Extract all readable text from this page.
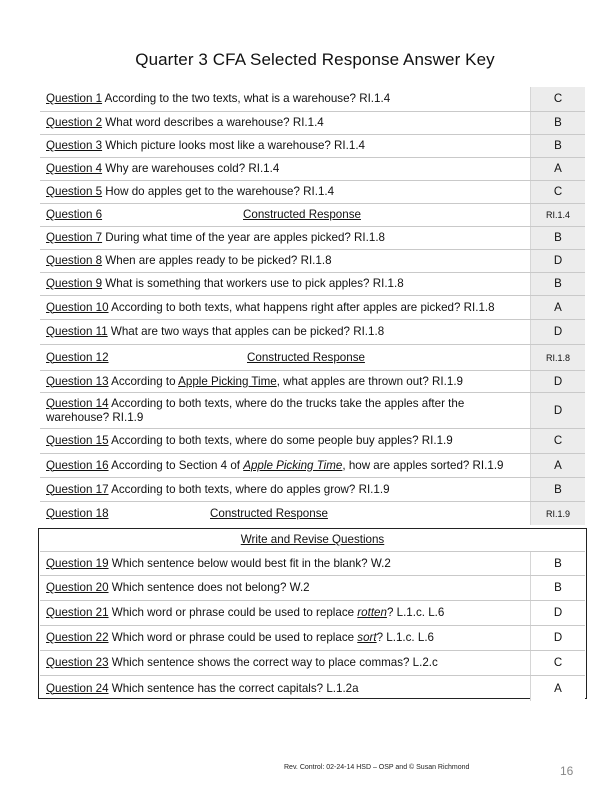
Quarter 3 CFA Selected Response Answer Key
Question 1 According to the two texts, what is a warehouse? RI.1.4	C
Question 2 What word describes a warehouse? RI.1.4	B
Question 3 Which picture looks most like a warehouse? RI.1.4	B
Question 4 Why are warehouses cold? RI.1.4	A
Question 5 How do apples get to the warehouse? RI.1.4	C
Question 6	Constructed Response	RI.1.4
Question 7 During what time of the year are apples picked? RI.1.8	B
Question 8 When are apples ready to be picked? RI.1.8	D
Question 9 What is something that workers use to pick apples? RI.1.8	B
Question 10 According to both texts, what happens right after apples are picked? RI.1.8	A
Question 11 What are two ways that apples can be picked? RI.1.8	D
Question 12	Constructed Response	RI.1.8
Question 13 According to Apple Picking Time, what apples are thrown out? RI.1.9	D
Question 14 According to both texts, where do the trucks take the apples after the warehouse? RI.1.9	D
Question 15 According to both texts, where do some people buy apples? RI.1.9	C
Question 16 According to Section 4 of Apple Picking Time, how are apples sorted? RI.1.9	A
Question 17 According to both texts, where do apples grow? RI.1.9	B
Question 18	Constructed Response	RI.1.9
Write and Revise Questions
Question 19 Which sentence below would best fit in the blank? W.2	B
Question 20 Which sentence does not belong? W.2	B
Question 21 Which word or phrase could be used to replace rotten? L.1.c. L.6	D
Question 22 Which word or phrase could be used to replace sort? L.1.c. L.6	D
Question 23 Which sentence shows the correct way to place commas? L.2.c	C
Question 24 Which sentence has the correct capitals? L.1.2a	A
Rev. Control: 02-24-14 HSD – OSP and © Susan Richmond	16
